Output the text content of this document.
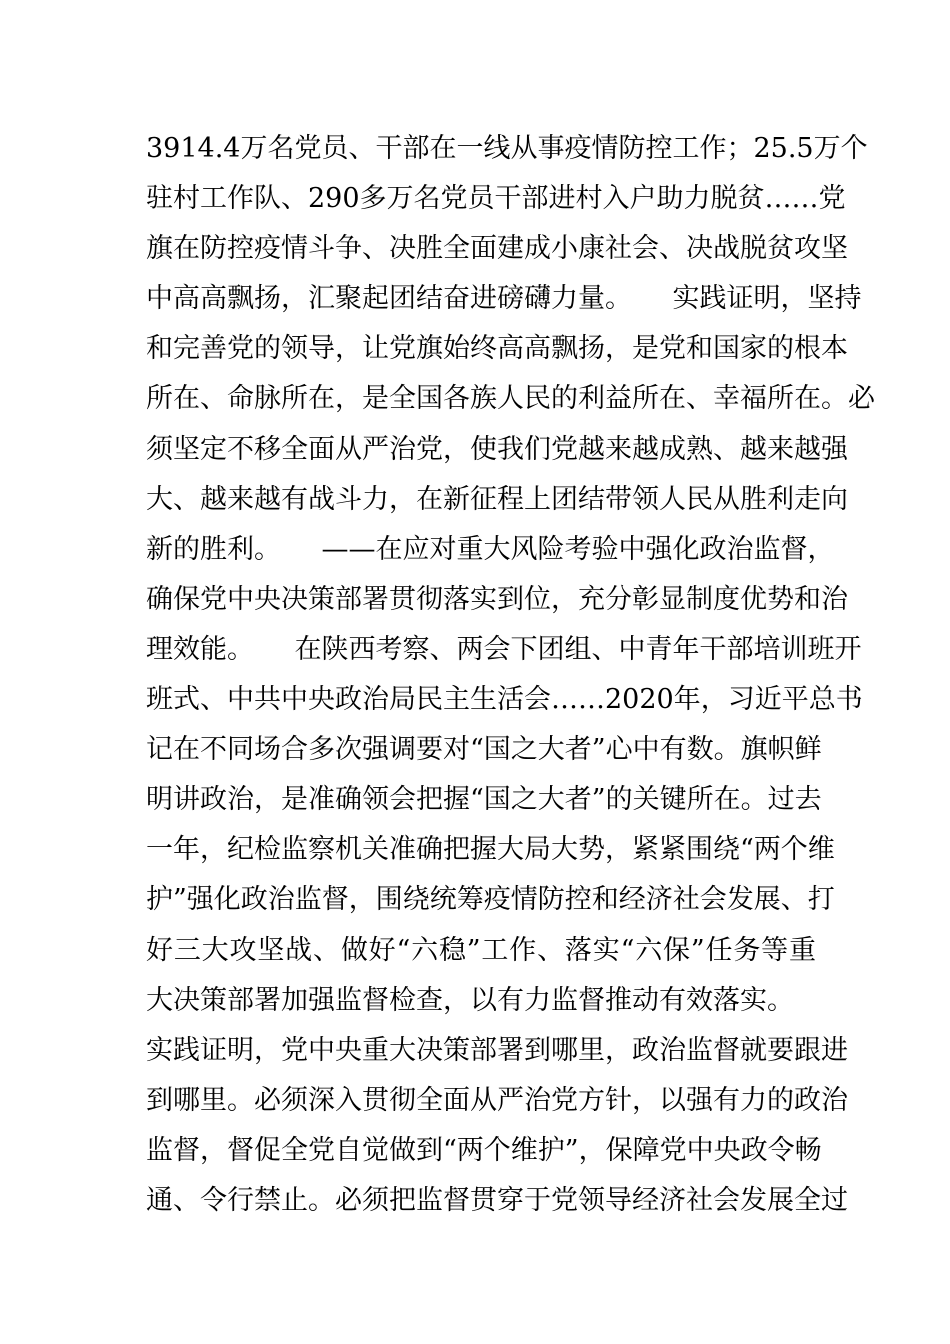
3914.4万名党员、干部在一线从事疫情防控工作；25.5万个
驻村工作队、290多万名党员干部进村入户助力脱贫……党
旗在防控疫情斗争、决胜全面建成小康社会、决战脱贫攻坚
中高高飘扬，汇聚起团结奋进磅礴力量。　　实践证明，坚持
和完善党的领导，让党旗始终高高飘扬，是党和国家的根本
所在、命脉所在，是全国各族人民的利益所在、幸福所在。必
须坚定不移全面从严治党，使我们党越来越成熟、越来越强
大、越来越有战斗力，在新征程上团结带领人民从胜利走向
新的胜利。　　——在应对重大风险考验中强化政治监督，
确保党中央决策部署贯彻落实到位，充分彰显制度优势和治
理效能。　　在陕西考察、两会下团组、中青年干部培训班开
班式、中共中央政治局民主生活会……2020年，习近平总书
记在不同场合多次强调要对“国之大者”心中有数。旗帜鲜
明讲政治，是准确领会把握“国之大者”的关键所在。过去
一年，纪检监察机关准确把握大局大势，紧紧围绕“两个维
护”强化政治监督，围绕统筹疫情防控和经济社会发展、打
好三大攻坚战、做好“六稳”工作、落实“六保”任务等重
大决策部署加强监督检查，以有力监督推动有效落实。
实践证明，党中央重大决策部署到哪里，政治监督就要跟进
到哪里。必须深入贯彻全面从严治党方针，以强有力的政治
监督，督促全党自觉做到“两个维护”，保障党中央政令畅
通、令行禁止。必须把监督贯穿于党领导经济社会发展全过
